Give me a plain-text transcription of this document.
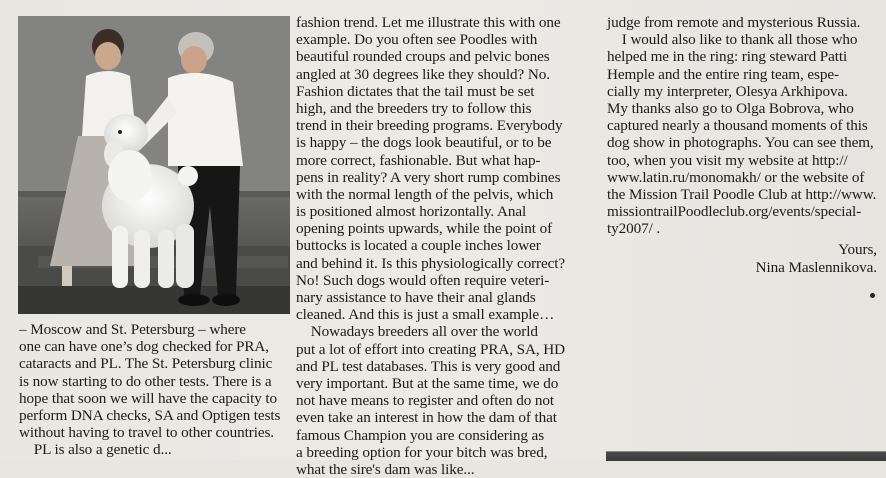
– Moscow and St. Petersburg – where
one can have one’s dog checked for PRA,
cataracts and PL. The St. Petersburg clinic
is now starting to do other tests. There is a
hope that soon we will have the capacity to
perform DNA checks, SA and Optigen tests
without having to travel to other countries.
PL is also a genetic d...
fashion trend. Let me illustrate this with one
example. Do you often see Poodles with
beautiful rounded croups and pelvic bones
angled at 30 degrees like they should? No.
Fashion dictates that the tail must be set
high, and the breeders try to follow this
trend in their breeding programs. Everybody
is happy – the dogs look beautiful, or to be
more correct, fashionable. But what hap-
pens in reality? A very short rump combines
with the normal length of the pelvis, which
is positioned almost horizontally. Anal
opening points upwards, while the point of
buttocks is located a couple inches lower
and behind it. Is this physiologically correct?
No! Such dogs would often require veteri-
nary assistance to have their anal glands
cleaned. And this is just a small example…
Nowadays breeders all over the world
put a lot of effort into creating PRA, SA, HD
and PL test databases. This is very good and
very important. But at the same time, we do
not have means to register and often do not
even take an interest in how the dam of that
famous Champion you are considering as
a breeding option for your bitch was bred,
what the sire's dam was like...
judge from remote and mysterious Russia.
I would also like to thank all those who
helped me in the ring: ring steward Patti
Hemple and the entire ring team, espe-
cially my interpreter, Olesya Arkhipova.
My thanks also go to Olga Bobrova, who
captured nearly a thousand moments of this
dog show in photographs. You can see them,
too, when you visit my website at http://
www.latin.ru/monomakh/ or the website of
the Mission Trail Poodle Club at http://www.
missiontrailPoodleclub.org/events/special-
ty2007/ .
Yours,
Nina Maslennikova.
